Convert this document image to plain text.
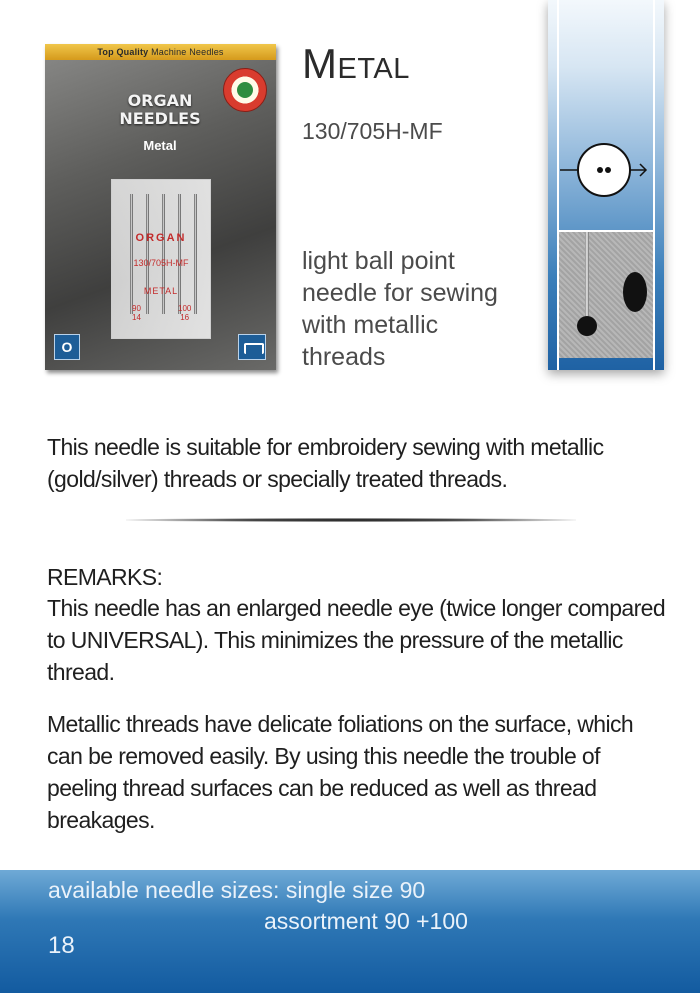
Top Quality Machine Needles
ORGAN
NEEDLES
Metal
ORGAN
130/705H-MF
METAL
90
14
100
16
O
Metal
130/705H-MF
light ball point needle for sewing with metallic threads

This needle is suitable for embroidery sewing with metallic (gold/silver) threads or specially treated threads.

REMARKS:

This needle has an enlarged needle eye (twice longer compared to UNIVERSAL). This minimizes the pressure of the metallic thread.

Metallic threads have delicate foliations on the surface, which can be removed easily. By using this needle the trouble of peeling thread surfaces can be reduced as well as thread breakages.

available needle sizes: single size 90
assortment 90 +100
18
